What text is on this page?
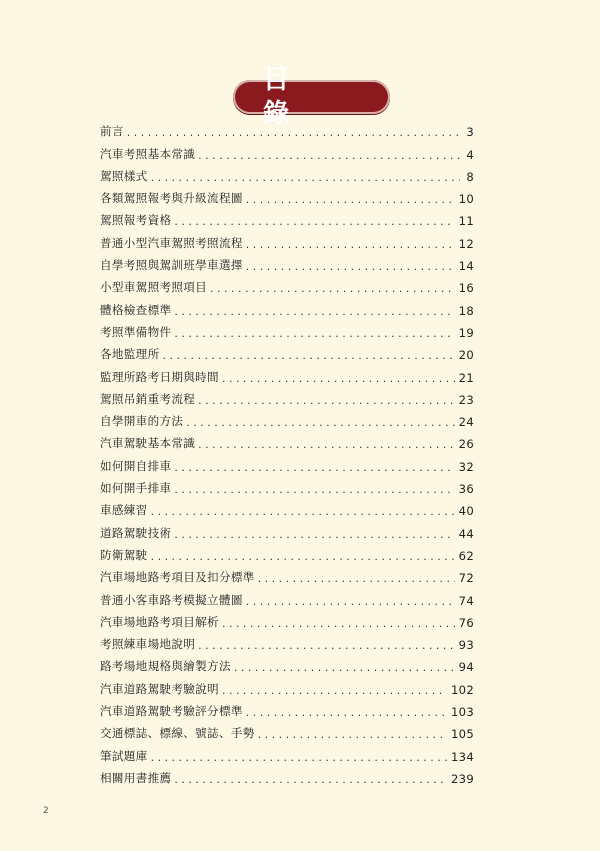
目 錄
前言 . . .	3
汽車考照基本常識 . . .	4
駕照樣式 . . .	8
各類駕照報考與升級流程圖 . . .	10
駕照報考資格 . . .	11
普通小型汽車駕照考照流程 . . .	12
自學考照與駕訓班學車選擇 . . .	14
小型車駕照考照項目 . . .	16
體格檢查標準 . . .	18
考照準備物件 . . .	19
各地監理所 . . .	20
監理所路考日期與時間 . . .	21
駕照吊銷重考流程 . . .	23
自學開車的方法 . . .	24
汽車駕駛基本常識 . . .	26
如何開自排車 . . .	32
如何開手排車 . . .	36
車感練習 . . .	40
道路駕駛技術 . . .	44
防衛駕駛 . . .	62
汽車場地路考項目及扣分標準 . . .	72
普通小客車路考模擬立體圖 . . .	74
汽車場地路考項目解析 . . .	76
考照練車場地說明 . . .	93
路考場地規格與繪製方法 . . .	94
汽車道路駕駛考驗說明 . . .	102
汽車道路駕駛考驗評分標準 . . .	103
交通標誌、標線、號誌、手勢 . . .	105
筆試題庫 . . .	134
相關用書推薦 . . .	239
2
